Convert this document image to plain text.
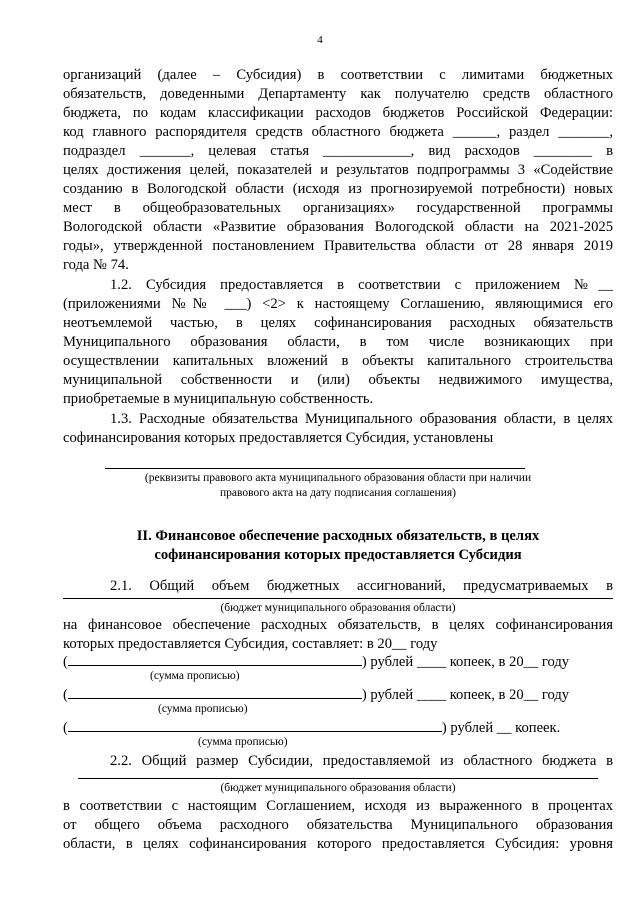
4
организаций (далее – Субсидия) в соответствии с лимитами бюджетных
обязательств, доведенными Департаменту как получателю средств областного
бюджета, по кодам классификации расходов бюджетов Российской Федерации:
код главного распорядителя средств областного бюджета ______, раздел _______,
подраздел _______, целевая статья ____________, вид расходов ________ в
целях достижения целей, показателей и результатов подпрограммы 3 «Содействие
созданию в Вологодской области (исходя из прогнозируемой потребности) новых
мест в общеобразовательных организациях» государственной программы
Вологодской области «Развитие образования Вологодской области на 2021-2025
годы», утвержденной постановлением Правительства области от 28 января 2019
года № 74.
1.2. Субсидия предоставляется в соответствии с приложением №__
(приложениями №№ ___) <2> к настоящему Соглашению, являющимися его
неотъемлемой частью, в целях софинансирования расходных обязательств
Муниципального образования области, в том числе возникающих при
осуществлении капитальных вложений в объекты капитального строительства
муниципальной собственности и (или) объекты недвижимого имущества,
приобретаемые в муниципальную собственность.
1.3. Расходные обязательства Муниципального образования области, в целях
софинансирования которых предоставляется Субсидия, установлены
(реквизиты правового акта муниципального образования области при наличии
правового акта на дату подписания соглашения)
II. Финансовое обеспечение расходных обязательств, в целях
софинансирования которых предоставляется Субсидия
2.1. Общий объем бюджетных ассигнований, предусматриваемых в
(бюджет муниципального образования области)
на финансовое обеспечение расходных обязательств, в целях софинансирования
которых предоставляется Субсидия, составляет: в 20__ году
(	) рублей ____ копеек, в 20__ году
(сумма прописью)
(	) рублей ____ копеек, в 20__ году
(сумма прописью)
(	) рублей __ копеек.
(сумма прописью)
2.2. Общий размер Субсидии, предоставляемой из областного бюджета в
(бюджет муниципального образования области)
в соответствии с настоящим Соглашением, исходя из выраженного в процентах
от общего объема расходного обязательства Муниципального образования
области, в целях софинансирования которого предоставляется Субсидия: уровня
